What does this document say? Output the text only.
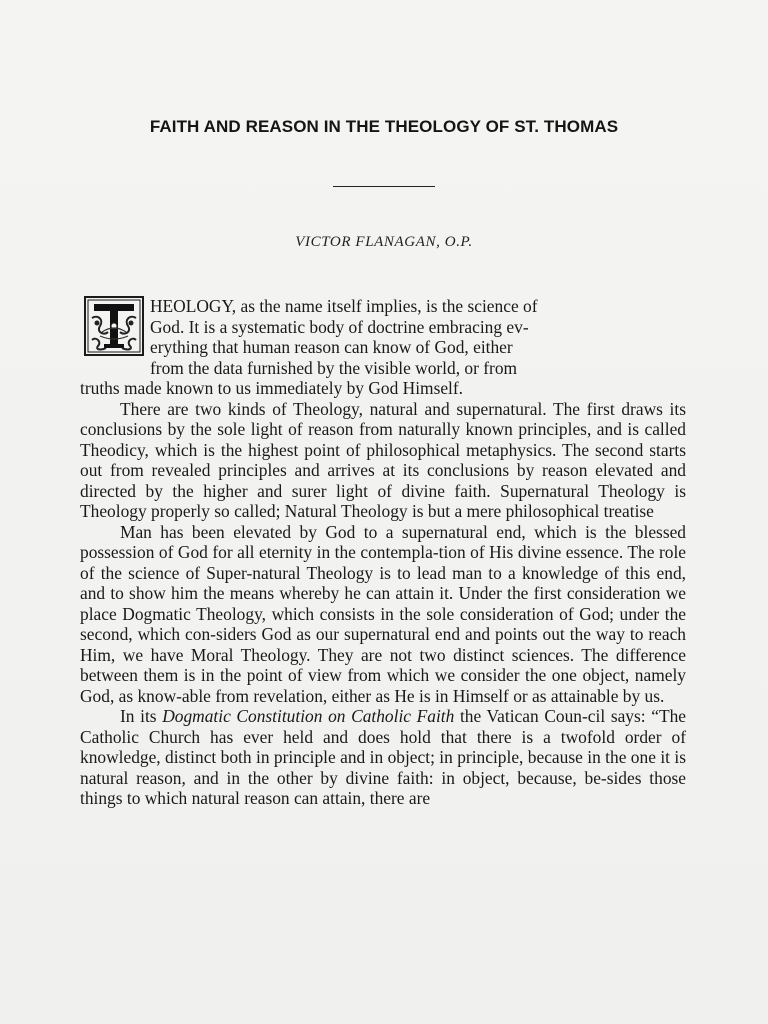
FAITH AND REASON IN THE THEOLOGY OF ST. THOMAS
VICTOR FLANAGAN, O.P.

HEOLOGY, as the name itself implies, is the science of
God. It is a systematic body of doctrine embracing ev-
erything that human reason can know of God, either
from the data furnished by the visible world, or from
truths made known to us immediately by God Himself.

There are two kinds of Theology, natural and supernatural. The first draws its conclusions by the sole light of reason from naturally known principles, and is called Theodicy, which is the highest point of philosophical metaphysics. The second starts out from revealed principles and arrives at its conclusions by reason elevated and directed by the higher and surer light of divine faith. Supernatural Theology is Theology properly so called; Natural Theology is but a mere philosophical treatise

Man has been elevated by God to a supernatural end, which is the blessed possession of God for all eternity in the contempla-tion of His divine essence. The role of the science of Super-natural Theology is to lead man to a knowledge of this end, and to show him the means whereby he can attain it. Under the first consideration we place Dogmatic Theology, which consists in the sole consideration of God; under the second, which con-siders God as our supernatural end and points out the way to reach Him, we have Moral Theology. They are not two distinct sciences. The difference between them is in the point of view from which we consider the one object, namely God, as know-able from revelation, either as He is in Himself or as attainable by us.

In its Dogmatic Constitution on Catholic Faith the Vatican Coun-cil says: “The Catholic Church has ever held and does hold that there is a twofold order of knowledge, distinct both in principle and in object; in principle, because in the one it is natural reason, and in the other by divine faith: in object, because, be-sides those things to which natural reason can attain, there are
